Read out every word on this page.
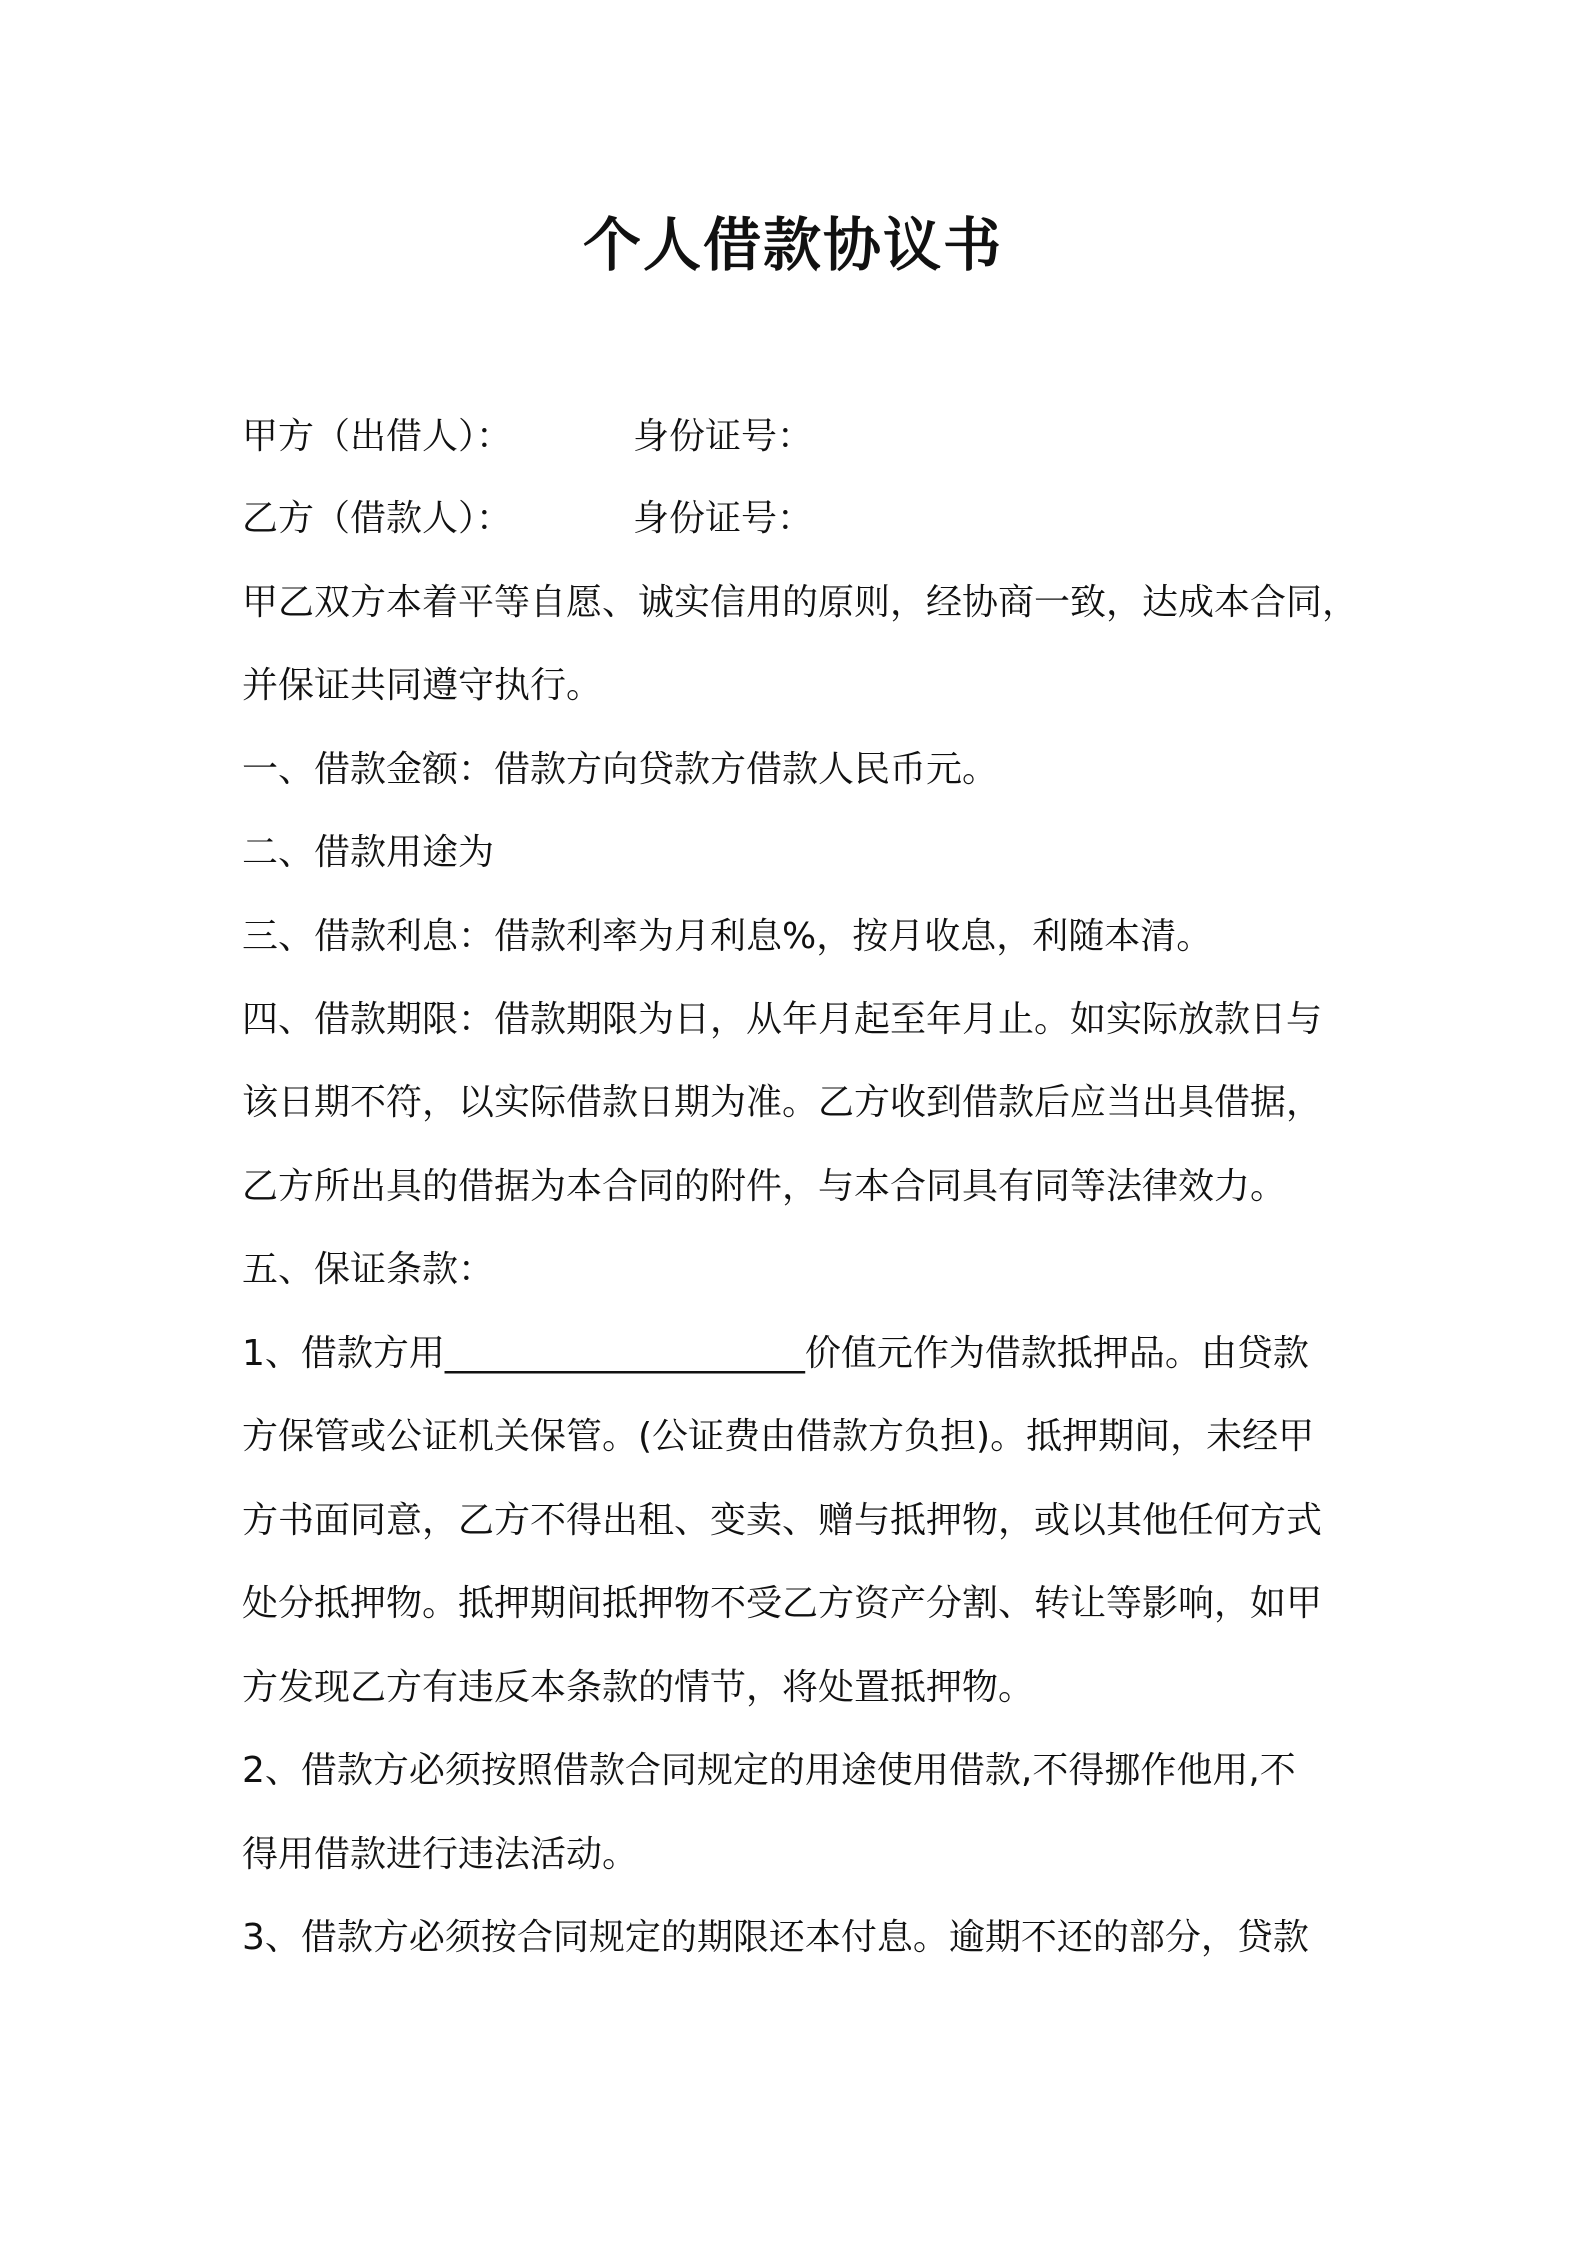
个人借款协议书
甲方（出借人）：	身份证号：
乙方（借款人）：	身份证号：
甲乙双方本着平等自愿、诚实信用的原则，经协商一致，达成本合同，
并保证共同遵守执行。
一、借款金额：借款方向贷款方借款人民币元。
二、借款用途为
三、借款利息：借款利率为月利息%，按月收息，利随本清。
四、借款期限：借款期限为日，从年月起至年月止。如实际放款日与
该日期不符，以实际借款日期为准。乙方收到借款后应当出具借据，
乙方所出具的借据为本合同的附件，与本合同具有同等法律效力。
五、保证条款：
1、借款方用____________________价值元作为借款抵押品。由贷款
方保管或公证机关保管。(公证费由借款方负担)。抵押期间，未经甲
方书面同意，乙方不得出租、变卖、赠与抵押物，或以其他任何方式
处分抵押物。抵押期间抵押物不受乙方资产分割、转让等影响，如甲
方发现乙方有违反本条款的情节，将处置抵押物。
2、借款方必须按照借款合同规定的用途使用借款,不得挪作他用,不
得用借款进行违法活动。
3、借款方必须按合同规定的期限还本付息。逾期不还的部分，贷款
